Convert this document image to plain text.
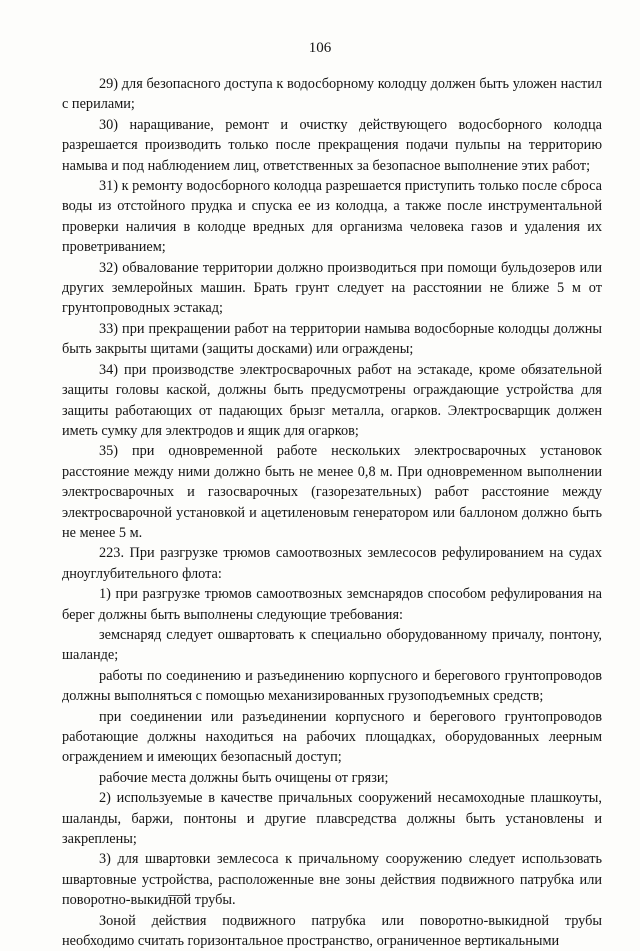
106

29) для безопасного доступа к водосборному колодцу должен быть уложен настил с перилами;

30) наращивание, ремонт и очистку действующего водосборного колодца разрешается производить только после прекращения подачи пульпы на территорию намыва и под наблюдением лиц, ответственных за безопасное выполнение этих работ;

31) к ремонту водосборного колодца разрешается приступить только после сброса воды из отстойного прудка и спуска ее из колодца, а также после инструментальной проверки наличия в колодце вредных для организма человека газов и удаления их проветриванием;

32) обвалование территории должно производиться при помощи бульдозеров или других землеройных машин. Брать грунт следует на расстоянии не ближе 5 м от грунтопроводных эстакад;

33) при прекращении работ на территории намыва водосборные колодцы должны быть закрыты щитами (защиты досками) или ограждены;

34) при производстве электросварочных работ на эстакаде, кроме обязательной защиты головы каской, должны быть предусмотрены ограждающие устройства для защиты работающих от падающих брызг металла, огарков. Электросварщик должен иметь сумку для электродов и ящик для огарков;

35) при одновременной работе нескольких электросварочных установок расстояние между ними должно быть не менее 0,8 м. При одновременном выполнении электросварочных и газосварочных (газорезательных) работ расстояние между электросварочной установкой и ацетиленовым генератором или баллоном должно быть не менее 5 м.

223. При разгрузке трюмов самоотвозных землесосов рефулированием на судах дноуглубительного флота:

1) при разгрузке трюмов самоотвозных земснарядов способом рефулирования на берег должны быть выполнены следующие требования:

земснаряд следует ошвартовать к специально оборудованному причалу, понтону, шаланде;

работы по соединению и разъединению корпусного и берегового грунтопроводов должны выполняться с помощью механизированных грузоподъемных средств;

при соединении или разъединении корпусного и берегового грунтопроводов работающие должны находиться на рабочих площадках, оборудованных леерным ограждением и имеющих безопасный доступ;

рабочие места должны быть очищены от грязи;

2) используемые в качестве причальных сооружений несамоходные плашкоуты, шаланды, баржи, понтоны и другие плавсредства должны быть установлены и закреплены;

3) для швартовки землесоса к причальному сооружению следует использовать швартовные устройства, расположенные вне зоны действия подвижного патрубка или поворотно-выкидной трубы.

Зоной действия подвижного патрубка или поворотно-выкидной трубы необходимо считать горизонтальное пространство, ограниченное вертикальными
